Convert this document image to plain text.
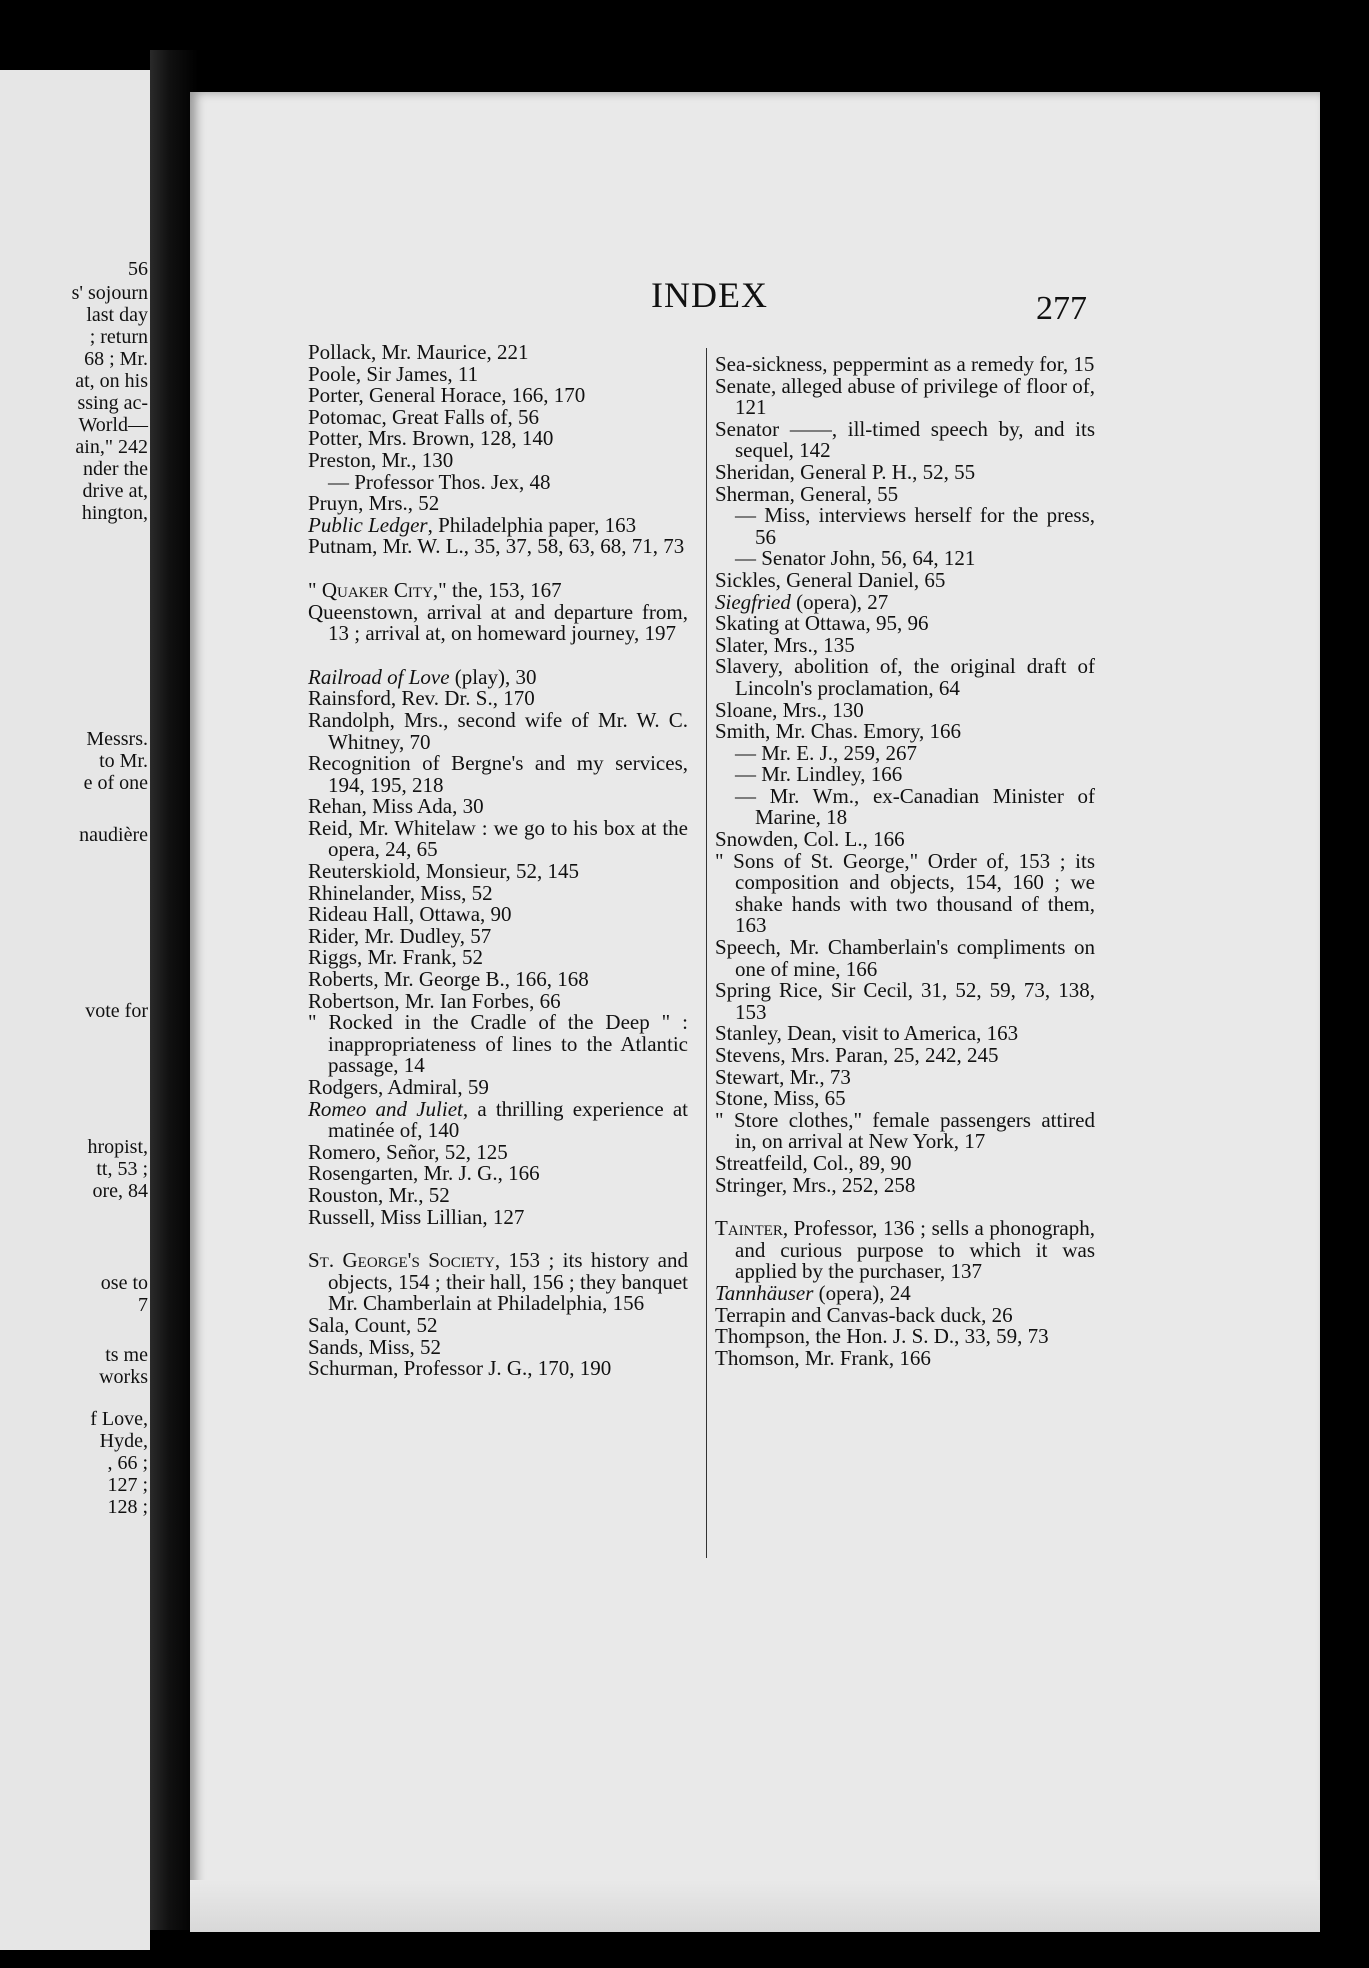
56
s' sojourn
last day
; return
68 ; Mr.
at, on his
ssing ac-
World—
ain," 242
nder the
drive at,
hington,
Messrs.
to Mr.
e of one
naudière
vote for
hropist,
tt, 53 ;
ore, 84
ose to
7
ts me
works
f Love,
Hyde,
, 66 ;
127 ;
128 ;
INDEX	277
Pollack, Mr. Maurice, 221
Poole, Sir James, 11
Porter, General Horace, 166, 170
Potomac, Great Falls of, 56
Potter, Mrs. Brown, 128, 140
Preston, Mr., 130
— Professor Thos. Jex, 48
Pruyn, Mrs., 52
Public Ledger, Philadelphia paper, 163
Putnam, Mr. W. L., 35, 37, 58, 63, 68, 71, 73
" Quaker City," the, 153, 167
Queenstown, arrival at and departure from, 13 ; arrival at, on homeward journey, 197
Railroad of Love (play), 30
Rainsford, Rev. Dr. S., 170
Randolph, Mrs., second wife of Mr. W. C. Whitney, 70
Recognition of Bergne's and my services, 194, 195, 218
Rehan, Miss Ada, 30
Reid, Mr. Whitelaw : we go to his box at the opera, 24, 65
Reuterskiold, Monsieur, 52, 145
Rhinelander, Miss, 52
Rideau Hall, Ottawa, 90
Rider, Mr. Dudley, 57
Riggs, Mr. Frank, 52
Roberts, Mr. George B., 166, 168
Robertson, Mr. Ian Forbes, 66
" Rocked in the Cradle of the Deep " : inappropriateness of lines to the Atlantic passage, 14
Rodgers, Admiral, 59
Romeo and Juliet, a thrilling experience at matinée of, 140
Romero, Señor, 52, 125
Rosengarten, Mr. J. G., 166
Rouston, Mr., 52
Russell, Miss Lillian, 127
St. George's Society, 153 ; its history and objects, 154 ; their hall, 156 ; they banquet Mr. Chamberlain at Philadelphia, 156
Sala, Count, 52
Sands, Miss, 52
Schurman, Professor J. G., 170, 190
Sea-sickness, peppermint as a remedy for, 15
Senate, alleged abuse of privilege of floor of, 121
Senator ——, ill-timed speech by, and its sequel, 142
Sheridan, General P. H., 52, 55
Sherman, General, 55
— Miss, interviews herself for the press, 56
— Senator John, 56, 64, 121
Sickles, General Daniel, 65
Siegfried (opera), 27
Skating at Ottawa, 95, 96
Slater, Mrs., 135
Slavery, abolition of, the original draft of Lincoln's proclamation, 64
Sloane, Mrs., 130
Smith, Mr. Chas. Emory, 166
— Mr. E. J., 259, 267
— Mr. Lindley, 166
— Mr. Wm., ex-Canadian Minister of Marine, 18
Snowden, Col. L., 166
" Sons of St. George," Order of, 153 ; its composition and objects, 154, 160 ; we shake hands with two thousand of them, 163
Speech, Mr. Chamberlain's compliments on one of mine, 166
Spring Rice, Sir Cecil, 31, 52, 59, 73, 138, 153
Stanley, Dean, visit to America, 163
Stevens, Mrs. Paran, 25, 242, 245
Stewart, Mr., 73
Stone, Miss, 65
" Store clothes," female passengers attired in, on arrival at New York, 17
Streatfeild, Col., 89, 90
Stringer, Mrs., 252, 258
Tainter, Professor, 136 ; sells a phonograph, and curious purpose to which it was applied by the purchaser, 137
Tannhäuser (opera), 24
Terrapin and Canvas-back duck, 26
Thompson, the Hon. J. S. D., 33, 59, 73
Thomson, Mr. Frank, 166
